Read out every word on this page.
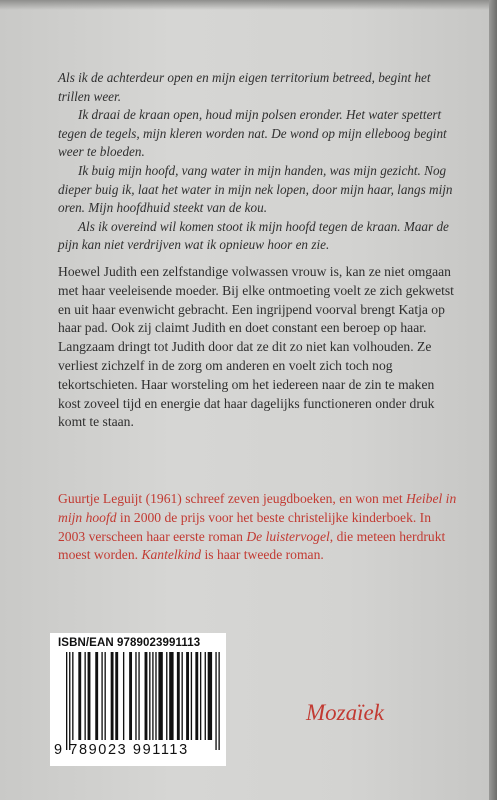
Als ik de achterdeur open en mijn eigen territorium betreed, begint het trillen weer.

Ik draai de kraan open, houd mijn polsen eronder. Het water spettert tegen de tegels, mijn kleren worden nat. De wond op mijn elleboog begint weer te bloeden.

Ik buig mijn hoofd, vang water in mijn handen, was mijn gezicht. Nog dieper buig ik, laat het water in mijn nek lopen, door mijn haar, langs mijn oren. Mijn hoofdhuid steekt van de kou.

Als ik overeind wil komen stoot ik mijn hoofd tegen de kraan. Maar de pijn kan niet verdrijven wat ik opnieuw hoor en zie.

Hoewel Judith een zelfstandige volwassen vrouw is, kan ze niet omgaan met haar veeleisende moeder. Bij elke ontmoeting voelt ze zich gekwetst en uit haar evenwicht gebracht. Een ingrijpend voorval brengt Katja op haar pad. Ook zij claimt Judith en doet constant een beroep op haar. Langzaam dringt tot Judith door dat ze dit zo niet kan volhouden. Ze verliest zichzelf in de zorg om anderen en voelt zich toch nog tekortschieten. Haar worsteling om het iedereen naar de zin te maken kost zoveel tijd en energie dat haar dagelijks functioneren onder druk komt te staan.

Guurtje Leguijt (1961) schreef zeven jeugdboeken, en won met Heibel in mijn hoofd in 2000 de prijs voor het beste christelijke kinderboek. In 2003 verscheen haar eerste roman De luistervogel, die meteen herdrukt moest worden. Kantelkind is haar tweede roman.

ISBN/EAN 9789023991113
9 789023 991113
Mozaïek
